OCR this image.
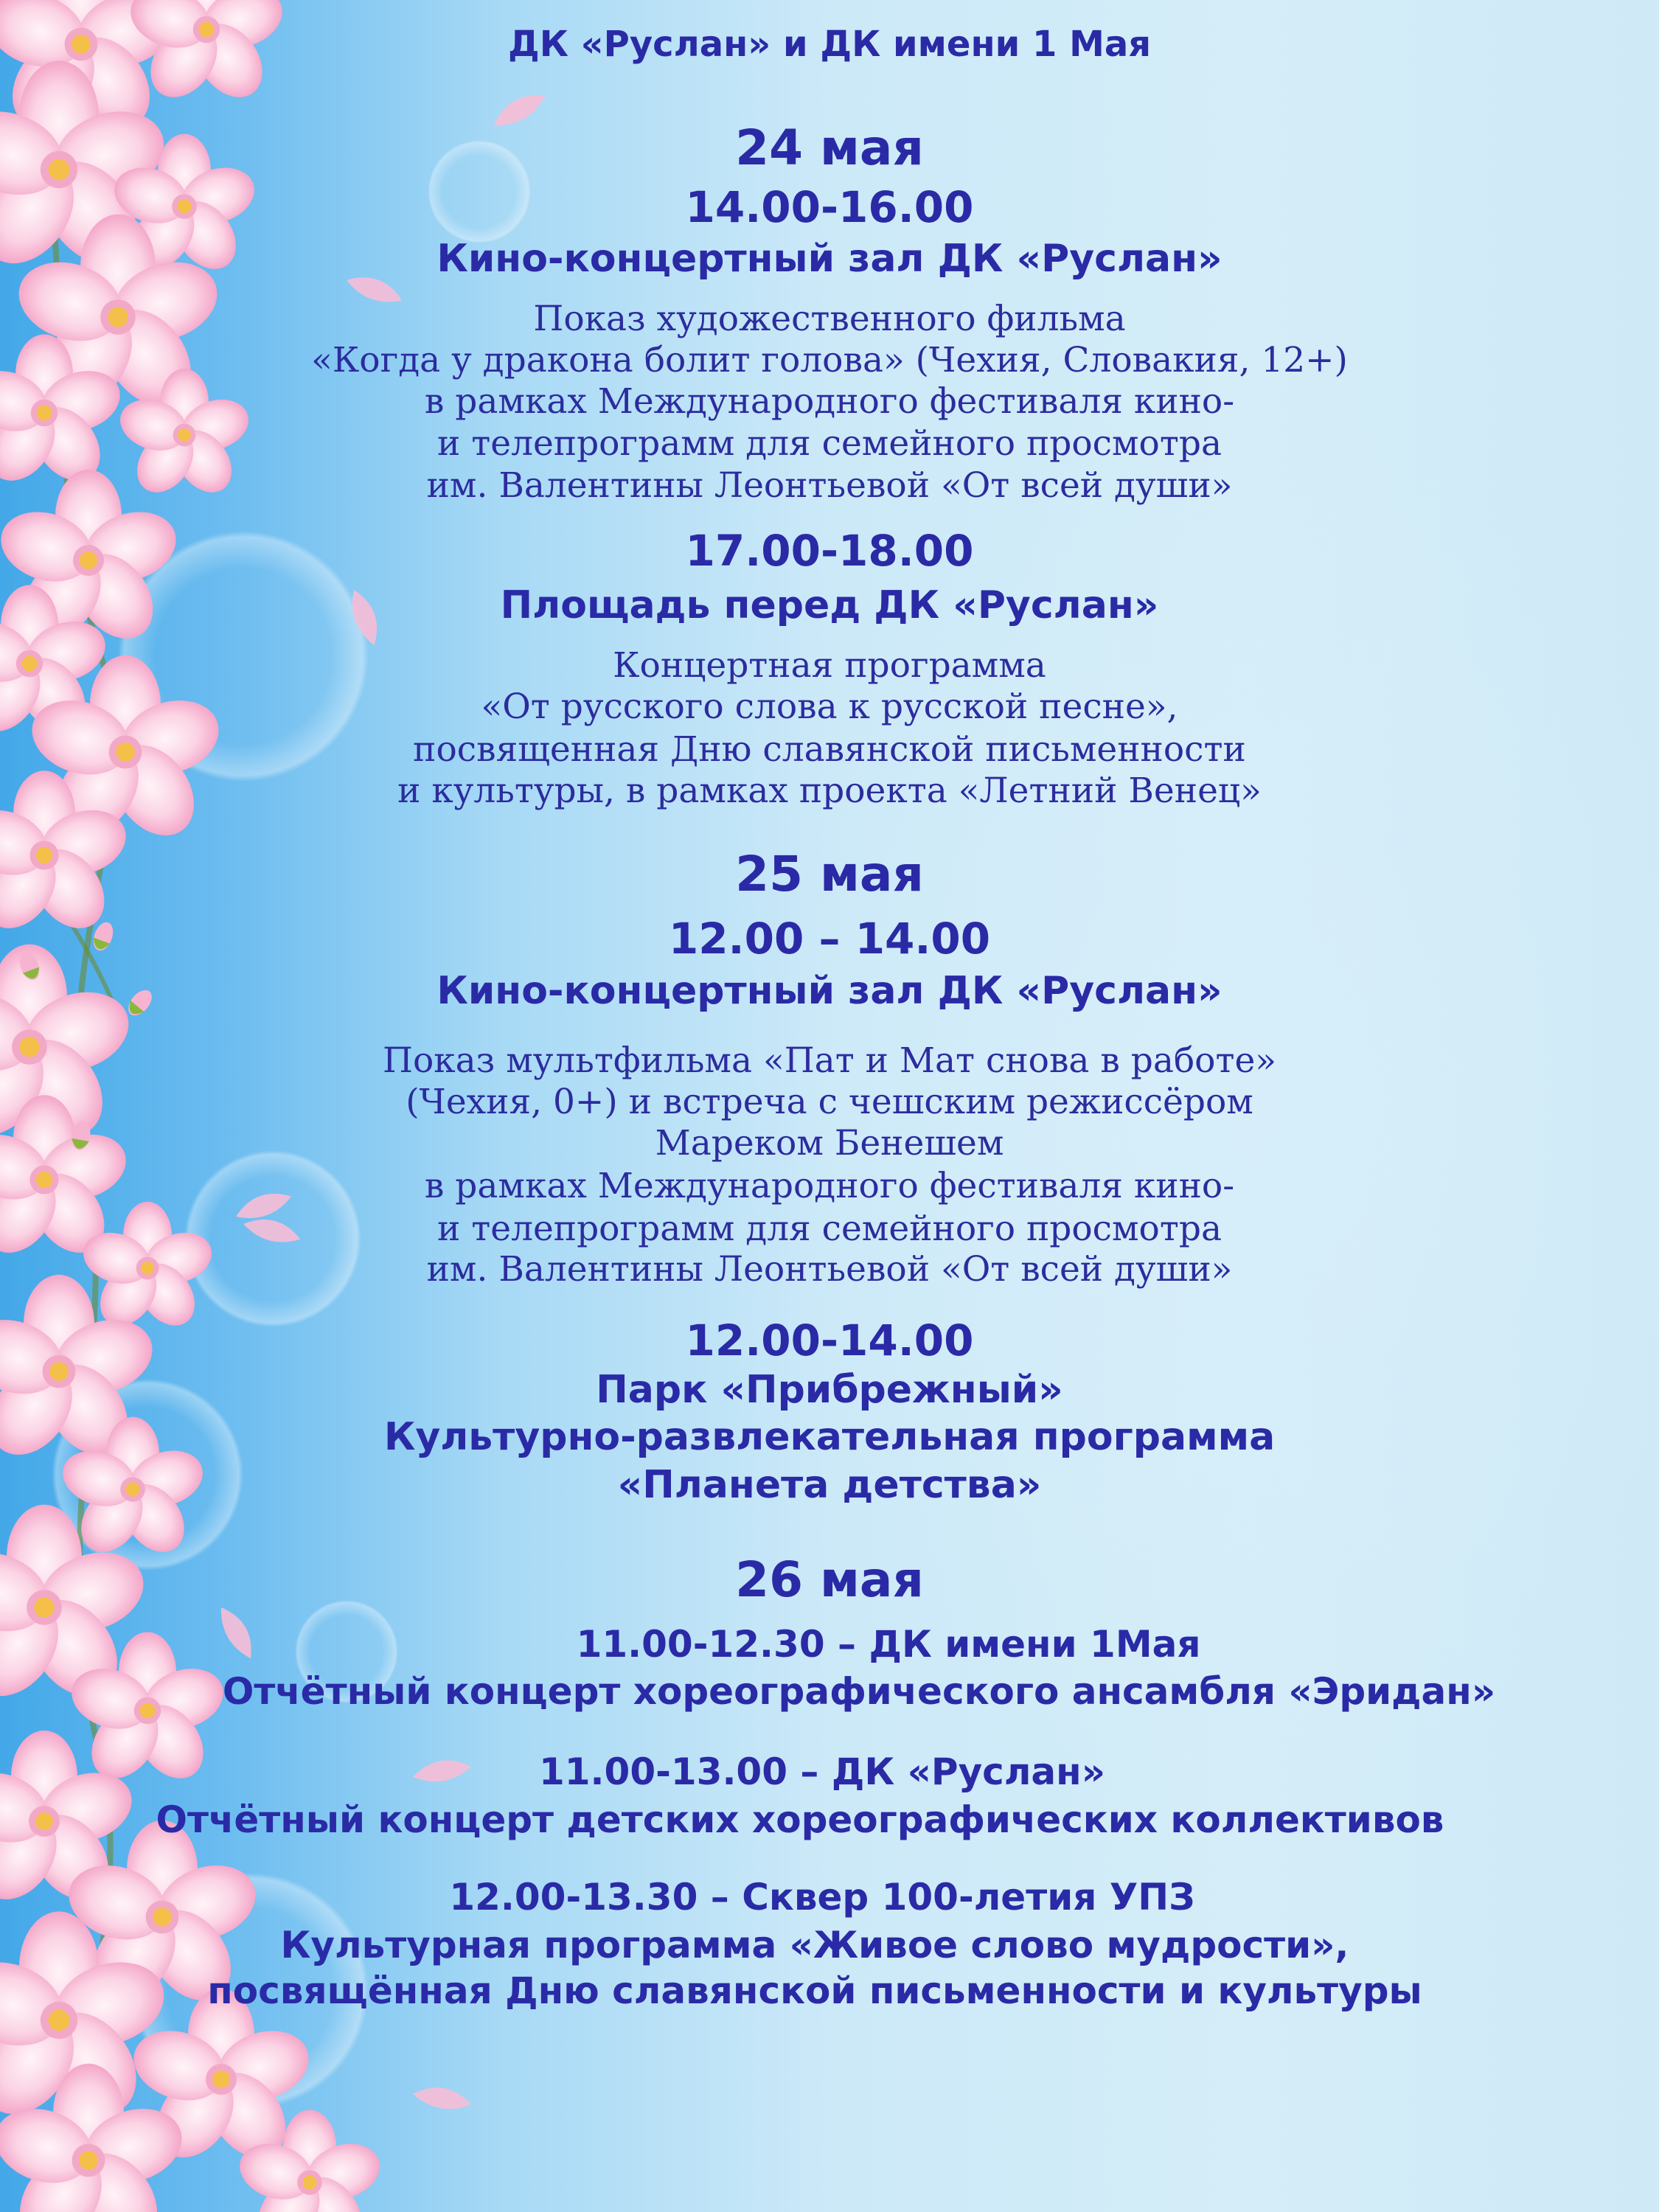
ДК «Руслан» и ДК имени 1 Мая

24 мая

14.00-16.00

Кино-концертный зал ДК «Руслан»

Показ художественного фильма

«Когда у дракона болит голова» (Чехия, Словакия, 12+)

в рамках Международного фестиваля кино-

и телепрограмм для семейного просмотра

им. Валентины Леонтьевой «От всей души»

17.00-18.00

Площадь перед ДК «Руслан»

Концертная программа

«От русского слова к русской песне»,

посвященная Дню славянской письменности

и культуры, в рамках проекта «Летний Венец»

25 мая

12.00 – 14.00

Кино-концертный зал ДК «Руслан»

Показ мультфильма «Пат и Мат снова в работе»

(Чехия, 0+) и встреча с чешским режиссёром

Мареком Бенешем

в рамках Международного фестиваля кино-

и телепрограмм для семейного просмотра

им. Валентины Леонтьевой «От всей души»

12.00-14.00

Парк «Прибрежный»

Культурно-развлекательная программа

«Планета детства»

26 мая

11.00-12.30 – ДК имени 1Мая

Отчётный концерт хореографического ансамбля «Эридан»

11.00-13.00 – ДК «Руслан»

Отчётный концерт детских хореографических коллективов

12.00-13.30 – Сквер 100-летия УПЗ

Культурная программа «Живое слово мудрости»,

посвящённая Дню славянской письменности и культуры
